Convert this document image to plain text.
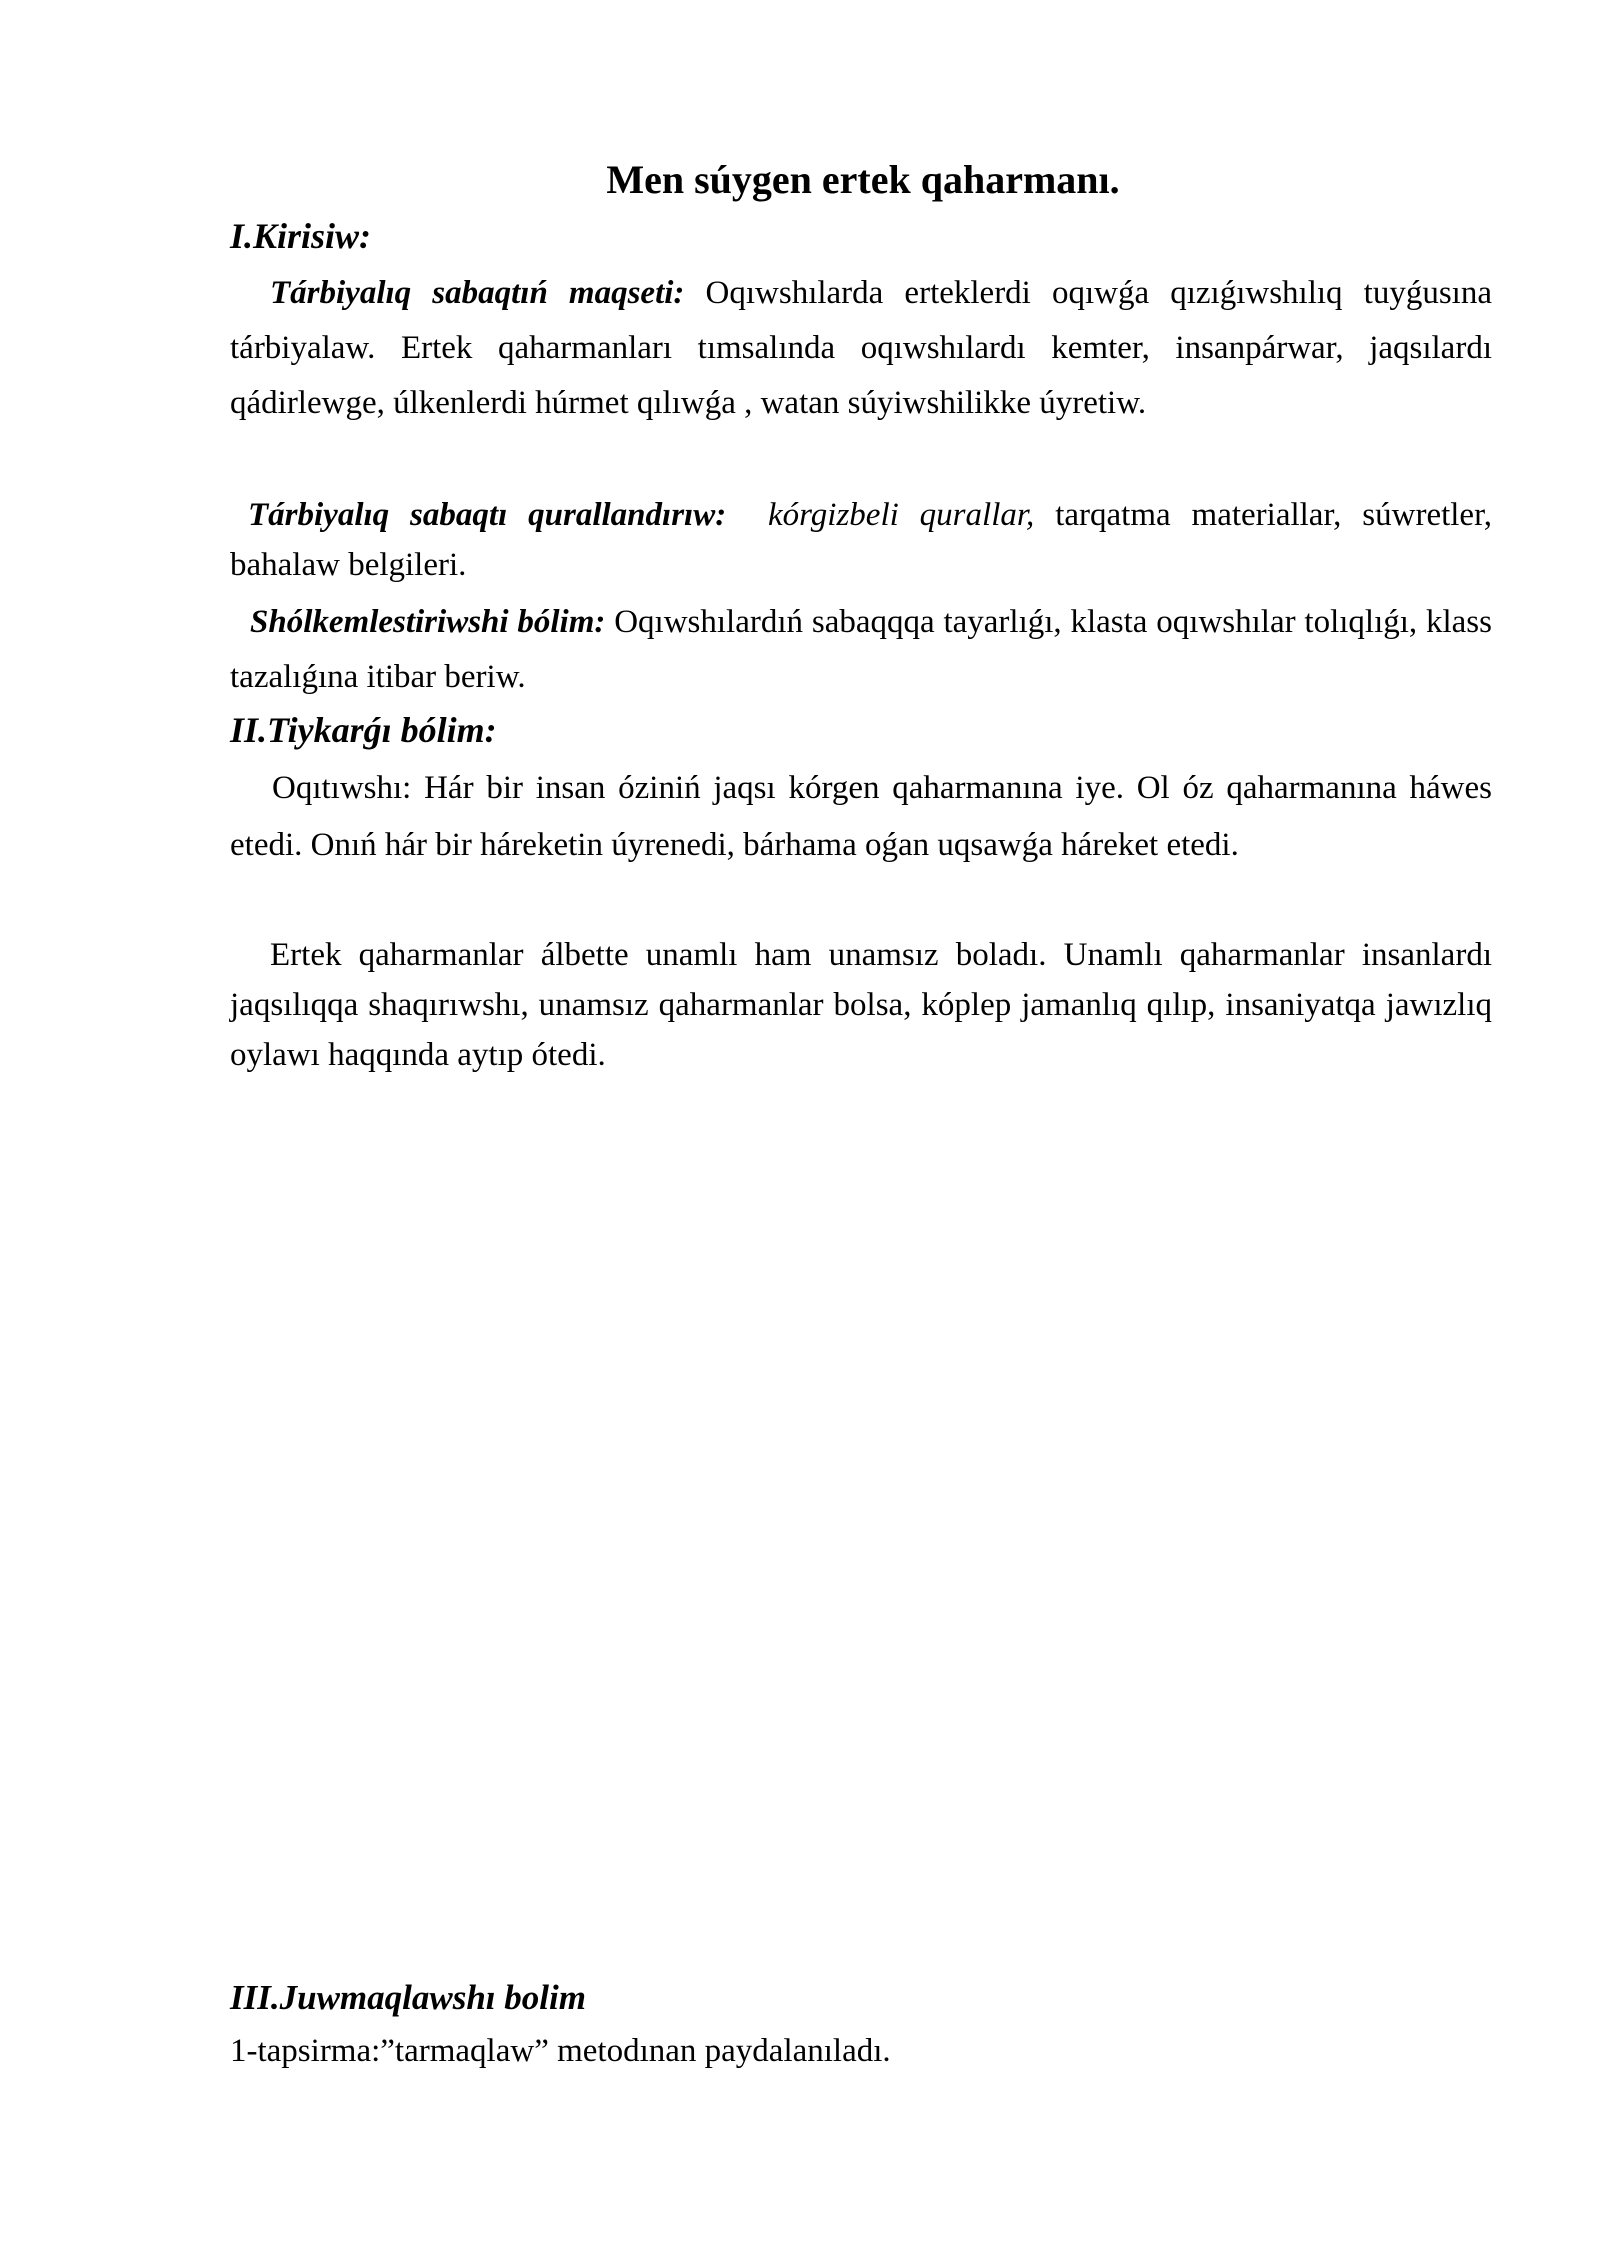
Men súygen ertek qaharmanı.
I.Kirisiw:

Tárbiyalıq sabaqtıń maqseti: Oqıwshılarda erteklerdi oqıwǵa qızıǵıwshılıq tuyǵusına tárbiyalaw. Ertek qaharmanları tımsalında oqıwshılardı kemter, insanpárwar, jaqsılardı qádirlewge, úlkenlerdi húrmet qılıwǵa , watan súyiwshilikke úyretiw.

Tárbiyalıq sabaqtı qurallandırıw: kórgizbeli qurallar, tarqatma materiallar, súwretler, bahalaw belgileri.

Shólkemlestiriwshi bólim: Oqıwshılardıń sabaqqqa tayarlıǵı, klasta oqıwshılar tolıqlıǵı, klass tazalıǵına itibar beriw.

II.Tiykarǵı bólim:

Oqıtıwshı: Hár bir insan óziniń jaqsı kórgen qaharmanına iye. Ol óz qaharmanına háwes etedi. Onıń hár bir háreketin úyrenedi, bárhama oǵan uqsawǵa háreket etedi.

Ertek qaharmanlar álbette unamlı ham unamsız boladı. Unamlı qaharmanlar insanlardı jaqsılıqqa shaqırıwshı, unamsız qaharmanlar bolsa, kóplep jamanlıq qılıp, insaniyatqa jawızlıq oylawı haqqında aytıp ótedi.

III.Juwmaqlawshı bolim

1-tapsirma:”tarmaqlaw” metodınan paydalanıladı.
